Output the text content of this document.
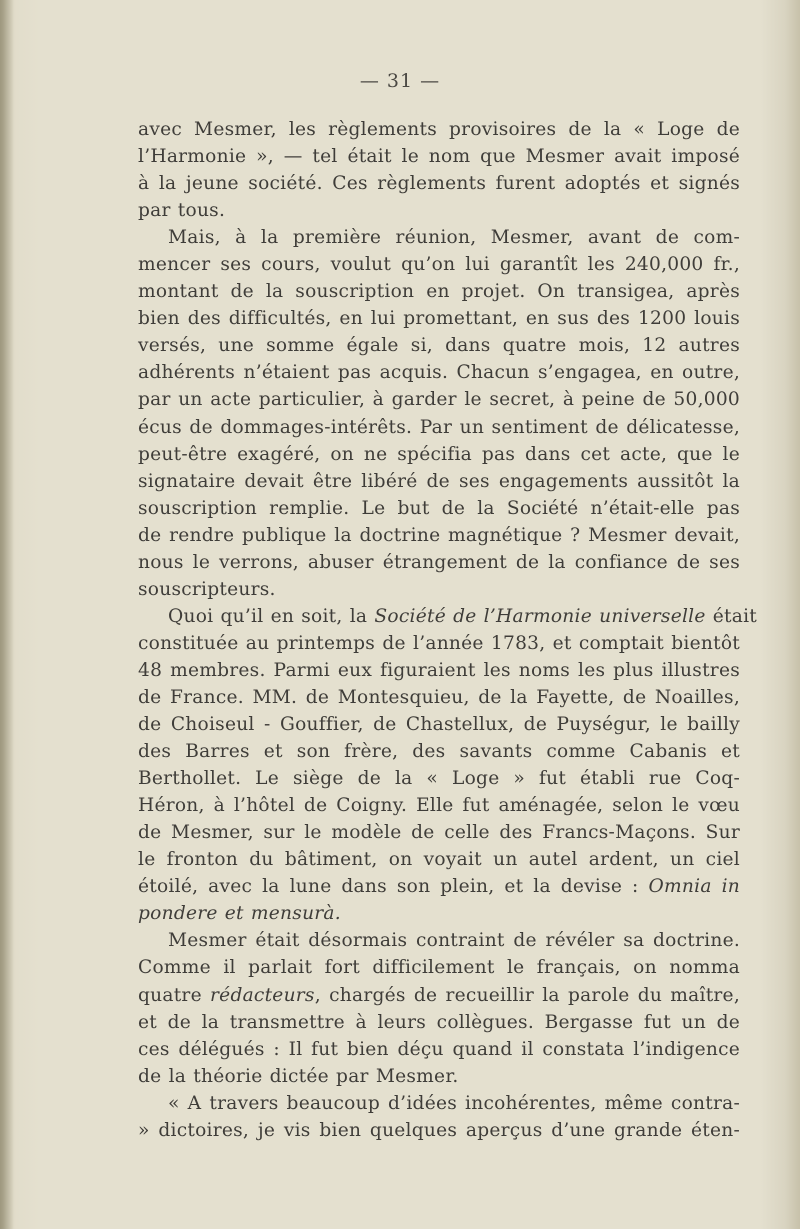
— 31 —
avec Mesmer, les règlements provisoires de la « Loge de
l’Harmonie », — tel était le nom que Mesmer avait imposé
à la jeune société. Ces règlements furent adoptés et signés
par tous.
Mais, à la première réunion, Mesmer, avant de com-
mencer ses cours, voulut qu’on lui garantît les 240,000 fr.,
montant de la souscription en projet. On transigea, après
bien des difficultés, en lui promettant, en sus des 1200 louis
versés, une somme égale si, dans quatre mois, 12 autres
adhérents n’étaient pas acquis. Chacun s’engagea, en outre,
par un acte particulier, à garder le secret, à peine de 50,000
écus de dommages-intérêts. Par un sentiment de délicatesse,
peut-être exagéré, on ne spécifia pas dans cet acte, que le
signataire devait être libéré de ses engagements aussitôt la
souscription remplie. Le but de la Société n’était-elle pas
de rendre publique la doctrine magnétique ? Mesmer devait,
nous le verrons, abuser étrangement de la confiance de ses
souscripteurs.
Quoi qu’il en soit, la Société de l’Harmonie universelle était
constituée au printemps de l’année 1783, et comptait bientôt
48 membres. Parmi eux figuraient les noms les plus illustres
de France. MM. de Montesquieu, de la Fayette, de Noailles,
de Choiseul - Gouffier, de Chastellux, de Puységur, le bailly
des Barres et son frère, des savants comme Cabanis et
Berthollet. Le siège de la « Loge » fut établi rue Coq-
Héron, à l’hôtel de Coigny. Elle fut aménagée, selon le vœu
de Mesmer, sur le modèle de celle des Francs-Maçons. Sur
le fronton du bâtiment, on voyait un autel ardent, un ciel
étoilé, avec la lune dans son plein, et la devise : Omnia in
pondere et mensurà.
Mesmer était désormais contraint de révéler sa doctrine.
Comme il parlait fort difficilement le français, on nomma
quatre rédacteurs, chargés de recueillir la parole du maître,
et de la transmettre à leurs collègues. Bergasse fut un de
ces délégués : Il fut bien déçu quand il constata l’indigence
de la théorie dictée par Mesmer.
« A travers beaucoup d’idées incohérentes, même contra-
» dictoires, je vis bien quelques aperçus d’une grande éten-
